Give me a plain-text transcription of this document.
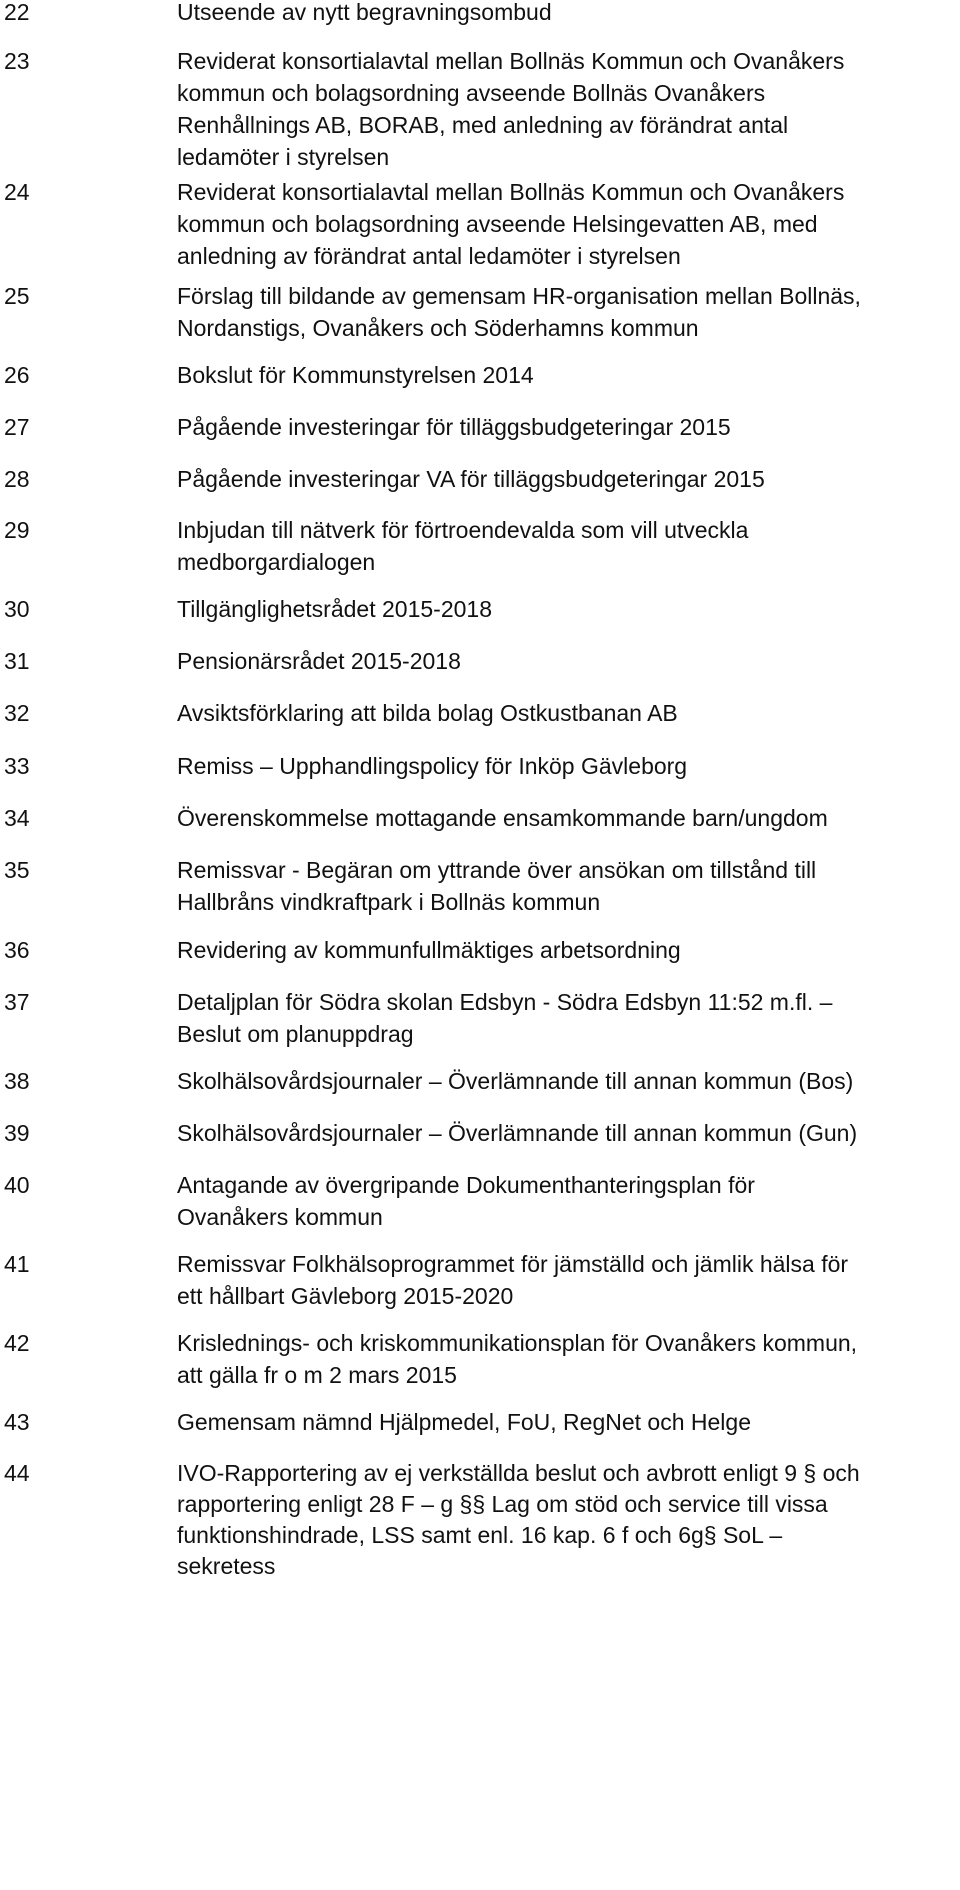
22	Utseende av nytt begravningsombud
23	Reviderat konsortialavtal mellan Bollnäs Kommun och Ovanåkers
kommun och bolagsordning avseende Bollnäs Ovanåkers
Renhållnings AB, BORAB, med anledning av förändrat antal
ledamöter i styrelsen
24	Reviderat konsortialavtal mellan Bollnäs Kommun och Ovanåkers
kommun och bolagsordning avseende Helsingevatten AB, med
anledning av förändrat antal ledamöter i styrelsen
25	Förslag till bildande av gemensam HR-organisation mellan Bollnäs,
Nordanstigs, Ovanåkers och Söderhamns kommun
26	Bokslut för Kommunstyrelsen 2014
27	Pågående investeringar för tilläggsbudgeteringar 2015
28	Pågående investeringar VA för tilläggsbudgeteringar 2015
29	Inbjudan till nätverk för förtroendevalda som vill utveckla
medborgardialogen
30	Tillgänglighetsrådet 2015-2018
31	Pensionärsrådet 2015-2018
32	Avsiktsförklaring att bilda bolag Ostkustbanan AB
33	Remiss – Upphandlingspolicy för Inköp Gävleborg
34	Överenskommelse mottagande ensamkommande barn/ungdom
35	Remissvar - Begäran om yttrande över ansökan om tillstånd till
Hallbråns vindkraftpark i Bollnäs kommun
36	Revidering av kommunfullmäktiges arbetsordning
37	Detaljplan för Södra skolan Edsbyn - Södra Edsbyn 11:52 m.fl. –
Beslut om planuppdrag
38	Skolhälsovårdsjournaler – Överlämnande till annan kommun (Bos)
39	Skolhälsovårdsjournaler – Överlämnande till annan kommun (Gun)
40	Antagande av övergripande Dokumenthanteringsplan för
Ovanåkers kommun
41	Remissvar Folkhälsoprogrammet för jämställd och jämlik hälsa för
ett hållbart Gävleborg 2015-2020
42	Krislednings- och kriskommunikationsplan för Ovanåkers kommun,
att gälla fr o m 2 mars 2015
43	Gemensam nämnd Hjälpmedel, FoU, RegNet och Helge
44	IVO-Rapportering av ej verkställda beslut och avbrott enligt 9 § och
rapportering enligt 28 F – g §§ Lag om stöd och service till vissa
funktionshindrade, LSS samt enl. 16 kap. 6 f och 6g§ SoL –
sekretess
